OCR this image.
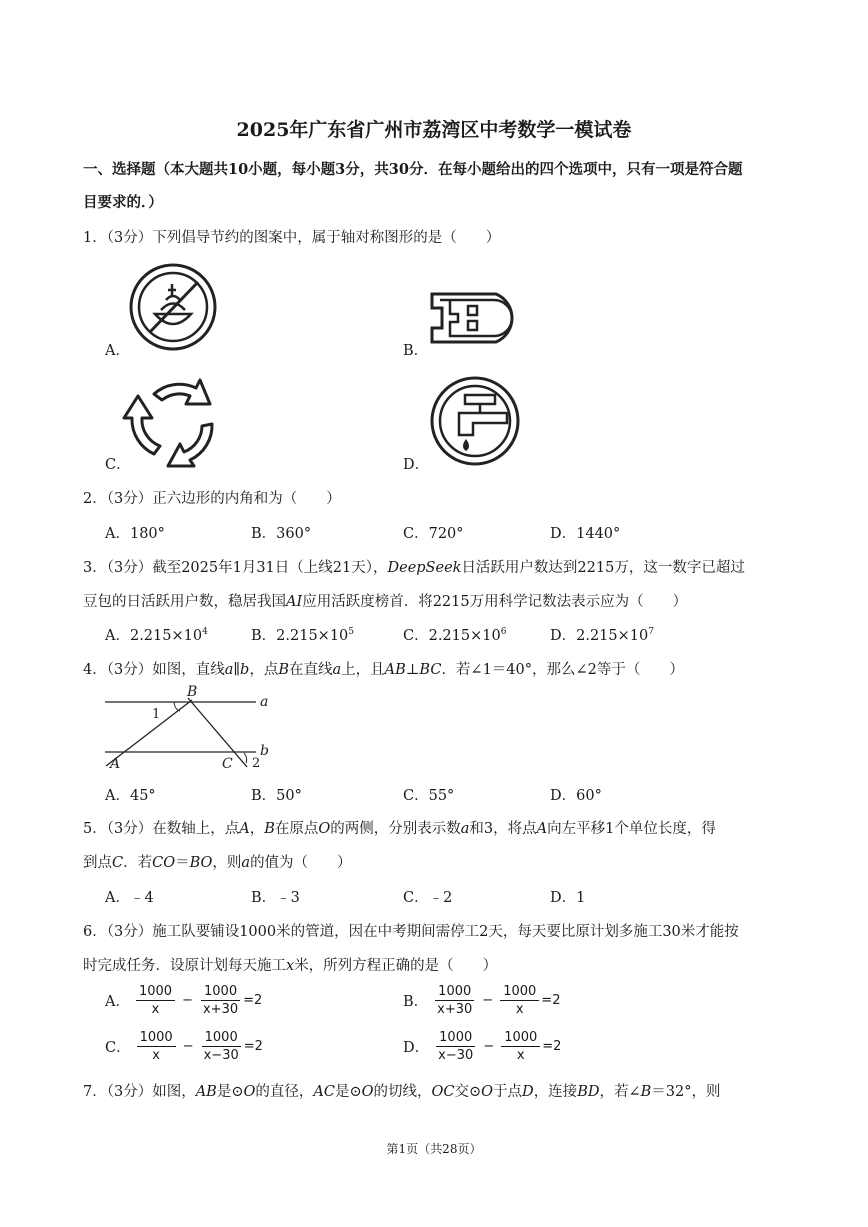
2025年广东省广州市荔湾区中考数学一模试卷
一、选择题（本大题共10小题，每小题3分，共30分．在每小题给出的四个选项中，只有一项是符合题
目要求的．）
1．（3分）下列倡导节约的图案中，属于轴对称图形的是（　　）
A．	B．
C．	D．
2．（3分）正六边形的内角和为（　　）
A．180°	B．360°	C．720°	D．1440°
3．（3分）截至2025年1月31日（上线21天），DeepSeek日活跃用户数达到2215万，这一数字已超过
豆包的日活跃用户数，稳居我国AI应用活跃度榜首．将2215万用科学记数法表示应为（　　）
A．$2.215\times 10^4$	B．$2.215\times 10^5$	C．$2.215\times 10^6$	D．$2.215\times 10^7$
4．（3分）如图，直线a∥b，点B在直线a上，且AB⊥BC．若∠1＝40°，那么∠2等于（　　）
B
a
b
A	C
1
2
A．45°	B．50°	C．55°	D．60°
5．（3分）在数轴上，点A，B在原点O的两侧，分别表示数a和3，将点A向左平移1个单位长度，得
到点C．若CO＝BO，则a的值为（　　）
A．﹣4	B．﹣3	C．﹣2	D．1
6．（3分）施工队要铺设1000米的管道，因在中考期间需停工2天，每天要比原计划多施工30米才能按
时完成任务．设原计划每天施工x米，所列方程正确的是（　　）
A． $\frac{1000}{x} - \frac{1000}{x+30} =2$	B． $\frac{1000}{x+30} - \frac{1000}{x} =2$
C． $\frac{1000}{x} - \frac{1000}{x-30} =2$	D． $\frac{1000}{x-30} - \frac{1000}{x} =2$
7．（3分）如图，AB是⊙O的直径，AC是⊙O的切线，OC交⊙O于点D，连接BD，若∠B＝32°，则
第1页（共28页）
